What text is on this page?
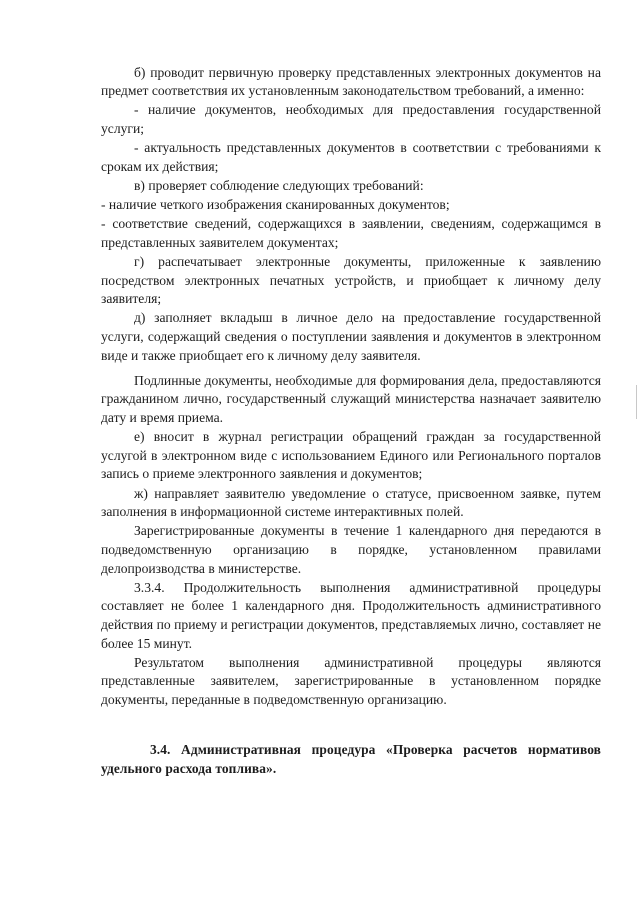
б) проводит первичную проверку представленных электронных документов на предмет соответствия их установленным законодательством требований, а именно:

- наличие документов, необходимых для предоставления государственной услуги;

- актуальность представленных документов в соответствии с требованиями к срокам их действия;

в) проверяет соблюдение следующих требований:

- наличие четкого изображения сканированных документов;

- соответствие сведений, содержащихся в заявлении, сведениям, содержащимся в представленных заявителем документах;

г) распечатывает электронные документы, приложенные к заявлению посредством электронных печатных устройств, и приобщает к личному делу заявителя;

д) заполняет вкладыш в личное дело на предоставление государственной услуги, содержащий сведения о поступлении заявления и документов в электронном виде и также приобщает его к личному делу заявителя.

Подлинные документы, необходимые для формирования дела, предоставляются гражданином лично, государственный служащий министерства назначает заявителю дату и время приема.

е) вносит в журнал регистрации обращений граждан за государственной услугой в электронном виде с использованием Единого или Регионального порталов запись о приеме электронного заявления и документов;

ж) направляет заявителю уведомление о статусе, присвоенном заявке, путем заполнения в информационной системе интерактивных полей.

Зарегистрированные документы в течение 1 календарного дня передаются в подведомственную организацию в порядке, установленном правилами делопроизводства в министерстве.

3.3.4. Продолжительность выполнения административной процедуры составляет не более 1 календарного дня. Продолжительность административного действия по приему и регистрации документов, представляемых лично, составляет не более 15 минут.

Результатом выполнения административной процедуры являются представленные заявителем, зарегистрированные в установленном порядке документы, переданные в подведомственную организацию.

3.4. Административная процедура «Проверка расчетов нормативов удельного расхода топлива».
